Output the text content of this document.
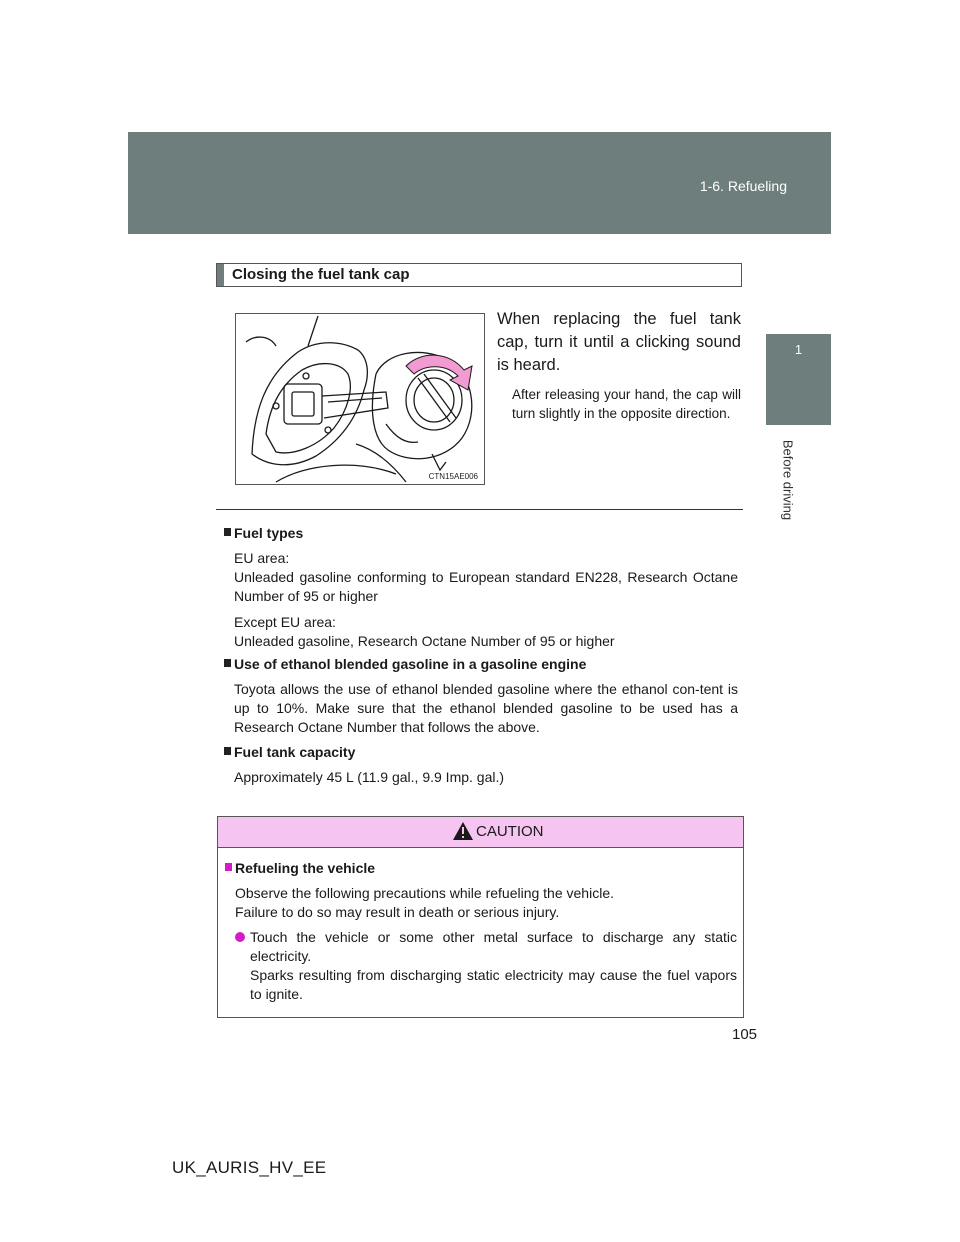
1-6. Refueling
1
Before driving
Closing the fuel tank cap
CTN15AE006
When replacing the fuel tank cap, turn it until a clicking sound is heard.
After releasing your hand, the cap will turn slightly in the opposite direction.
Fuel types
EU area:
Unleaded gasoline conforming to European standard EN228, Research Octane Number of 95 or higher
Except EU area:
Unleaded gasoline, Research Octane Number of 95 or higher
Use of ethanol blended gasoline in a gasoline engine
Toyota allows the use of ethanol blended gasoline where the ethanol con-tent is up to 10%. Make sure that the ethanol blended gasoline to be used has a Research Octane Number that follows the above.
Fuel tank capacity
Approximately 45 L (11.9 gal., 9.9 Imp. gal.)
CAUTION
Refueling the vehicle
Observe the following precautions while refueling the vehicle.
Failure to do so may result in death or serious injury.
Touch the vehicle or some other metal surface to discharge any static electricity.
Sparks resulting from discharging static electricity may cause the fuel vapors to ignite.
105
UK_AURIS_HV_EE
